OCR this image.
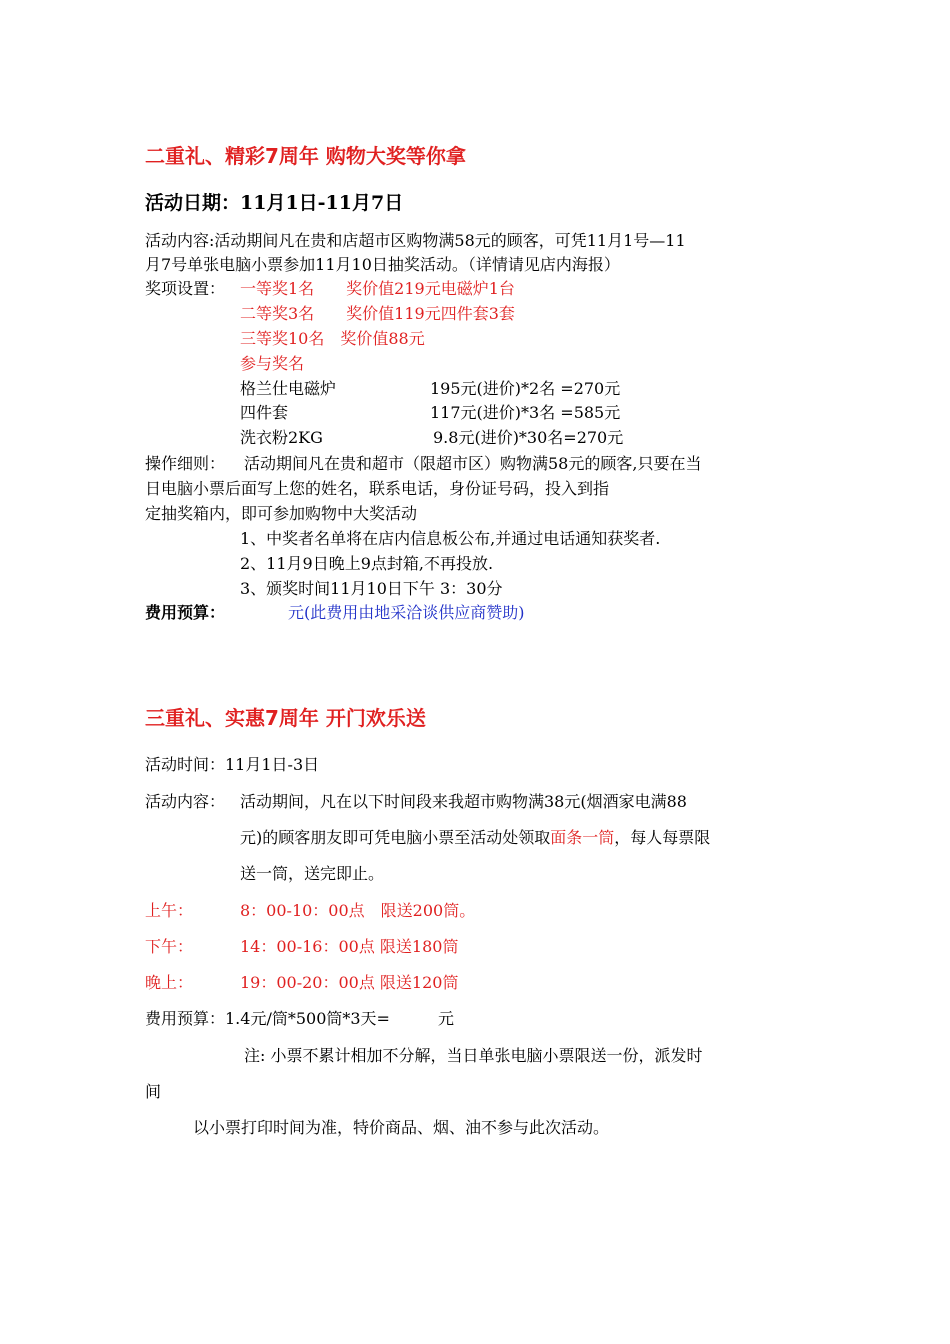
二重礼、精彩7周年 购物大奖等你拿
活动日期：11月1日-11月7日
活动内容:活动期间凡在贵和店超市区购物满58元的顾客，可凭11月1号—11
月7号单张电脑小票参加11月10日抽奖活动。（详情请见店内海报）
奖项设置： 一等奖1名　　奖价值219元电磁炉1台
二等奖3名　　奖价值119元四件套3套
三等奖10名　奖价值88元
参与奖名
格兰仕电磁炉	195元(进价)*2名 =270元
四件套	117元(进价)*3名 =585元
洗衣粉2KG	9.8元(进价)*30名=270元
操作细则： 活动期间凡在贵和超市（限超市区）购物满58元的顾客,只要在当
日电脑小票后面写上您的姓名，联系电话，身份证号码，投入到指
定抽奖箱内，即可参加购物中大奖活动
1、中奖者名单将在店内信息板公布,并通过电话通知获奖者.
2、11月9日晚上9点封箱,不再投放.
3、颁奖时间11月10日下午 3：30分
费用预算：	元(此费用由地采洽谈供应商赞助)
三重礼、实惠7周年 开门欢乐送
活动时间：11月1日-3日
活动内容： 活动期间，凡在以下时间段来我超市购物满38元(烟酒家电满88
元)的顾客朋友即可凭电脑小票至活动处领取面条一筒，每人每票限
送一筒，送完即止。
上午：	8：00-10：00点　限送200筒。
下午：	14：00-16：00点 限送180筒
晚上：	19：00-20：00点 限送120筒
费用预算：1.4元/筒*500筒*3天=　　　元
注: 小票不累计相加不分解，当日单张电脑小票限送一份，派发时
间
以小票打印时间为准，特价商品、烟、油不参与此次活动。
